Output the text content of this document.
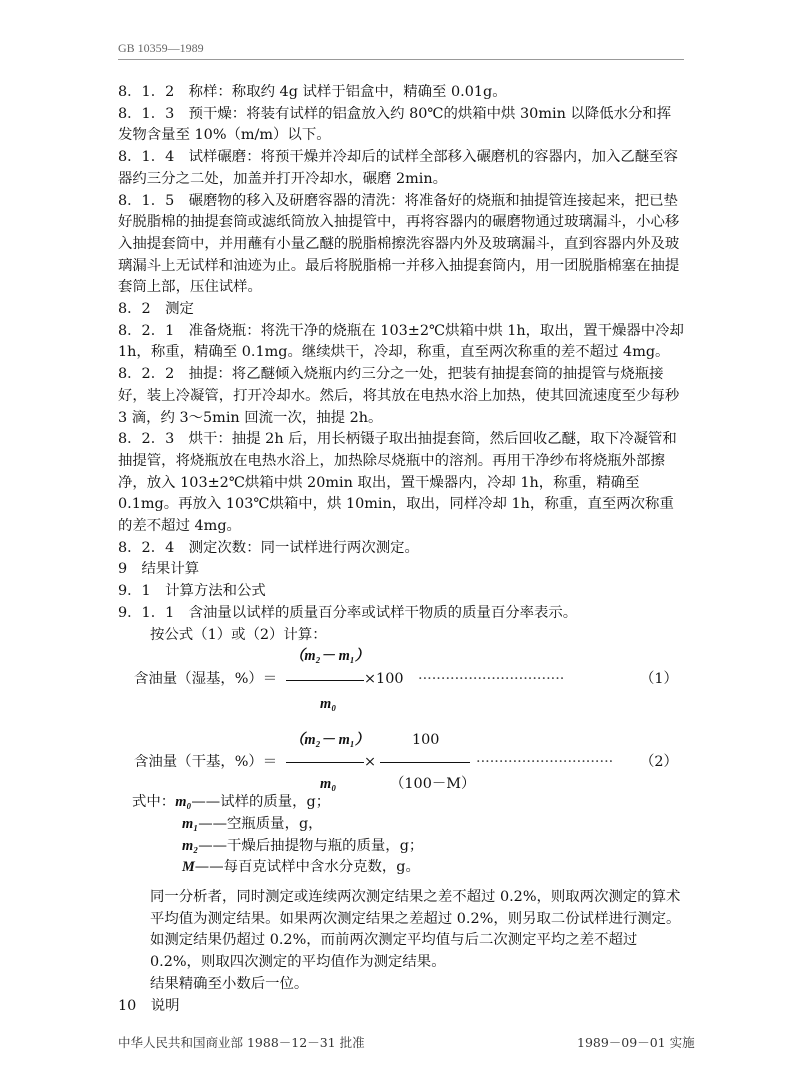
GB 10359—1989

8．1．2　称样：称取约 4g 试样于铝盒中，精确至 0.01g。

8．1．3　预干燥：将装有试样的铝盒放入约 80℃的烘箱中烘 30min 以降低水分和挥发物含量至 10%（m/m）以下。

8．1．4　试样碾磨：将预干燥并冷却后的试样全部移入碾磨机的容器内，加入乙醚至容器约三分之二处，加盖并打开冷却水，碾磨 2min。

8．1．5　碾磨物的移入及研磨容器的清洗：将准备好的烧瓶和抽提管连接起来，把已垫好脱脂棉的抽提套筒或滤纸筒放入抽提管中，再将容器内的碾磨物通过玻璃漏斗，小心移入抽提套筒中，并用蘸有小量乙醚的脱脂棉擦洗容器内外及玻璃漏斗，直到容器内外及玻璃漏斗上无试样和油迹为止。最后将脱脂棉一并移入抽提套筒内，用一团脱脂棉塞在抽提套筒上部，压住试样。

8．2　测定

8．2．1　准备烧瓶：将洗干净的烧瓶在 103±2℃烘箱中烘 1h，取出，置干燥器中冷却 1h，称重，精确至 0.1mg。继续烘干，冷却，称重，直至两次称重的差不超过 4mg。

8．2．2　抽提：将乙醚倾入烧瓶内约三分之一处，把装有抽提套筒的抽提管与烧瓶接好，装上冷凝管，打开冷却水。然后，将其放在电热水浴上加热，使其回流速度至少每秒 3 滴，约 3～5min 回流一次，抽提 2h。

8．2．3　烘干：抽提 2h 后，用长柄镊子取出抽提套筒，然后回收乙醚，取下冷凝管和抽提管，将烧瓶放在电热水浴上，加热除尽烧瓶中的溶剂。再用干净纱布将烧瓶外部擦净，放入 103±2℃烘箱中烘 20min 取出，置干燥器内，冷却 1h，称重，精确至 0.1mg。再放入 103℃烘箱中，烘 10min，取出，同样冷却 1h，称重，直至两次称重的差不超过 4mg。

8．2．4　测定次数：同一试样进行两次测定。

9　结果计算

9．1　计算方法和公式

9．1．1　含油量以试样的质量百分率或试样干物质的质量百分率表示。

按公式（1）或（2）计算：

（m₂－ m₁）
含油量（湿基，%）＝	×100 ································	（1）
m₀
（m₂－ m₁）	100
含油量（干基，%）＝	×	······························ （2）
m₀	（100－M）
式中：m₀——试样的质量，g；
m₁——空瓶质量，g，
m₂——干燥后抽提物与瓶的质量，g；
M——每百克试样中含水分克数，g。

同一分析者，同时测定或连续两次测定结果之差不超过 0.2%，则取两次测定的算术平均值为测定结果。如果两次测定结果之差超过 0.2%，则另取二份试样进行测定。如测定结果仍超过 0.2%，而前两次测定平均值与后二次测定平均之差不超过 0.2%，则取四次测定的平均值作为测定结果。

结果精确至小数后一位。

10　说明

中华人民共和国商业部 1988－12－31 批准	1989－09－01 实施
